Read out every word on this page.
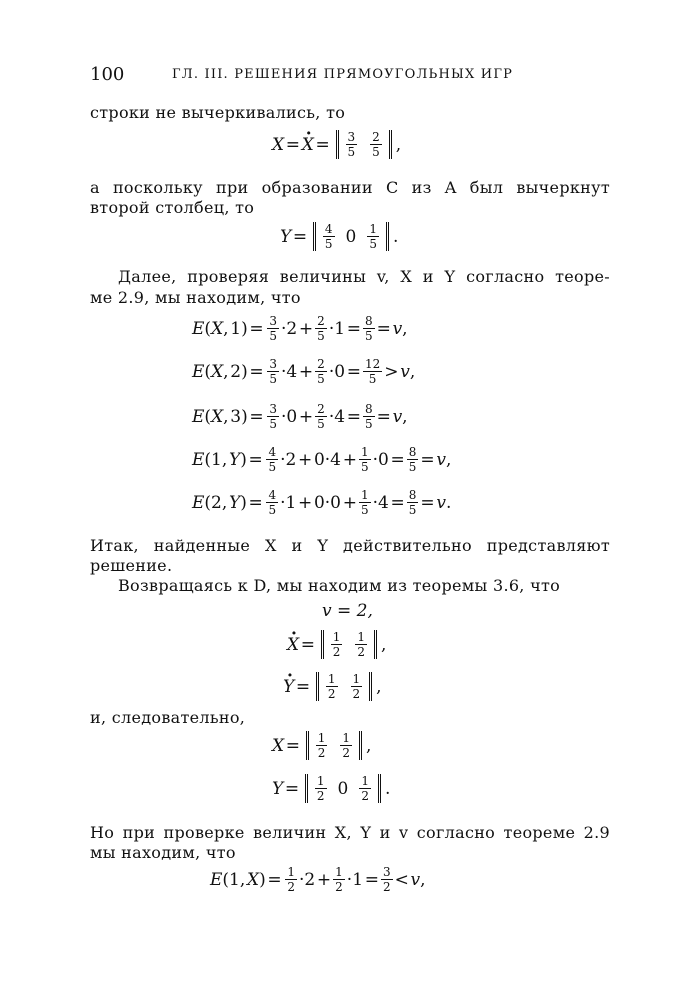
100	ГЛ. III. РЕШЕНИЯ ПРЯМОУГОЛЬНЫХ ИГР
строки не вычеркивались, то
X = · X =  $\frac{3}{5} \frac{2}{5}$ ,
а поскольку при образовании C из A был вычеркнут
второй столбец, то
Y =  $\frac{4}{5} 0 \frac{1}{5}$ .
Далее, проверяя величины v, X и Y согласно теоре-
ме 2.9, мы находим, что
E(X, 1) =  $\frac{3}{5} \cdot 2$ + $\frac{2}{5} \cdot 1$ = $\frac{8}{5}$ = v,
E(X, 2) =  $\frac{3}{5} \cdot 4$ + $\frac{2}{5} \cdot 0$ = $\frac{12}{5}$ > v,
E(X, 3) =  $\frac{3}{5} \cdot 0$ + $\frac{2}{5} \cdot 4$ = $\frac{8}{5}$ = v,
E(1, Y) =  $\frac{4}{5} \cdot 2$ + 0·4 + $\frac{1}{5} \cdot 0$ = $\frac{8}{5}$ = v,
E(2, Y) =  $\frac{4}{5} \cdot 1$ + 0·0 + $\frac{1}{5} \cdot 4$ = $\frac{8}{5}$ = v.
Итак, найденные X и Y действительно представляют
решение.
Возвращаясь к D, мы находим из теоремы 3.6, что
v = 2,
· X =  $\frac{1}{2} \frac{1}{2}$ ,
· Y =  $\frac{1}{2} \frac{1}{2}$ ,
и, следовательно,
X =  $\frac{1}{2} \frac{1}{2}$ ,
Y =  $\frac{1}{2} 0 \frac{1}{2}$ .
Но при проверке величин X, Y и v согласно теореме 2.9
мы находим, что
E(1, X) =  $\frac{1}{2} \cdot 2$ + $\frac{1}{2} \cdot 1$ = $\frac{3}{2}$ < v,
